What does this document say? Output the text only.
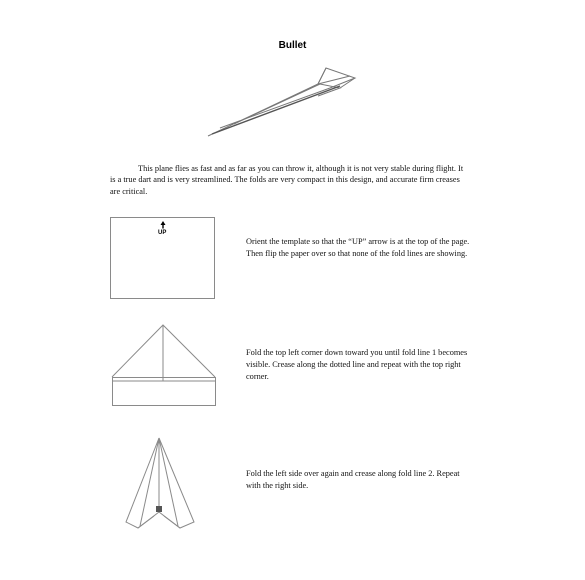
Bullet

This plane flies as fast and as far as you can throw it, although it is not very stable during flight. It is a true dart and is very streamlined. The folds are very compact in this design, and accurate firm creases are critical.

UP

Orient the template so that the “UP” arrow is at the top of the page. Then flip the paper over so that none of the fold lines are showing.

Fold the top left corner down toward you until fold line 1 becomes visible. Crease along the dotted line and repeat with the top right corner.

Fold the left side over again and crease along fold line 2. Repeat with the right side.
